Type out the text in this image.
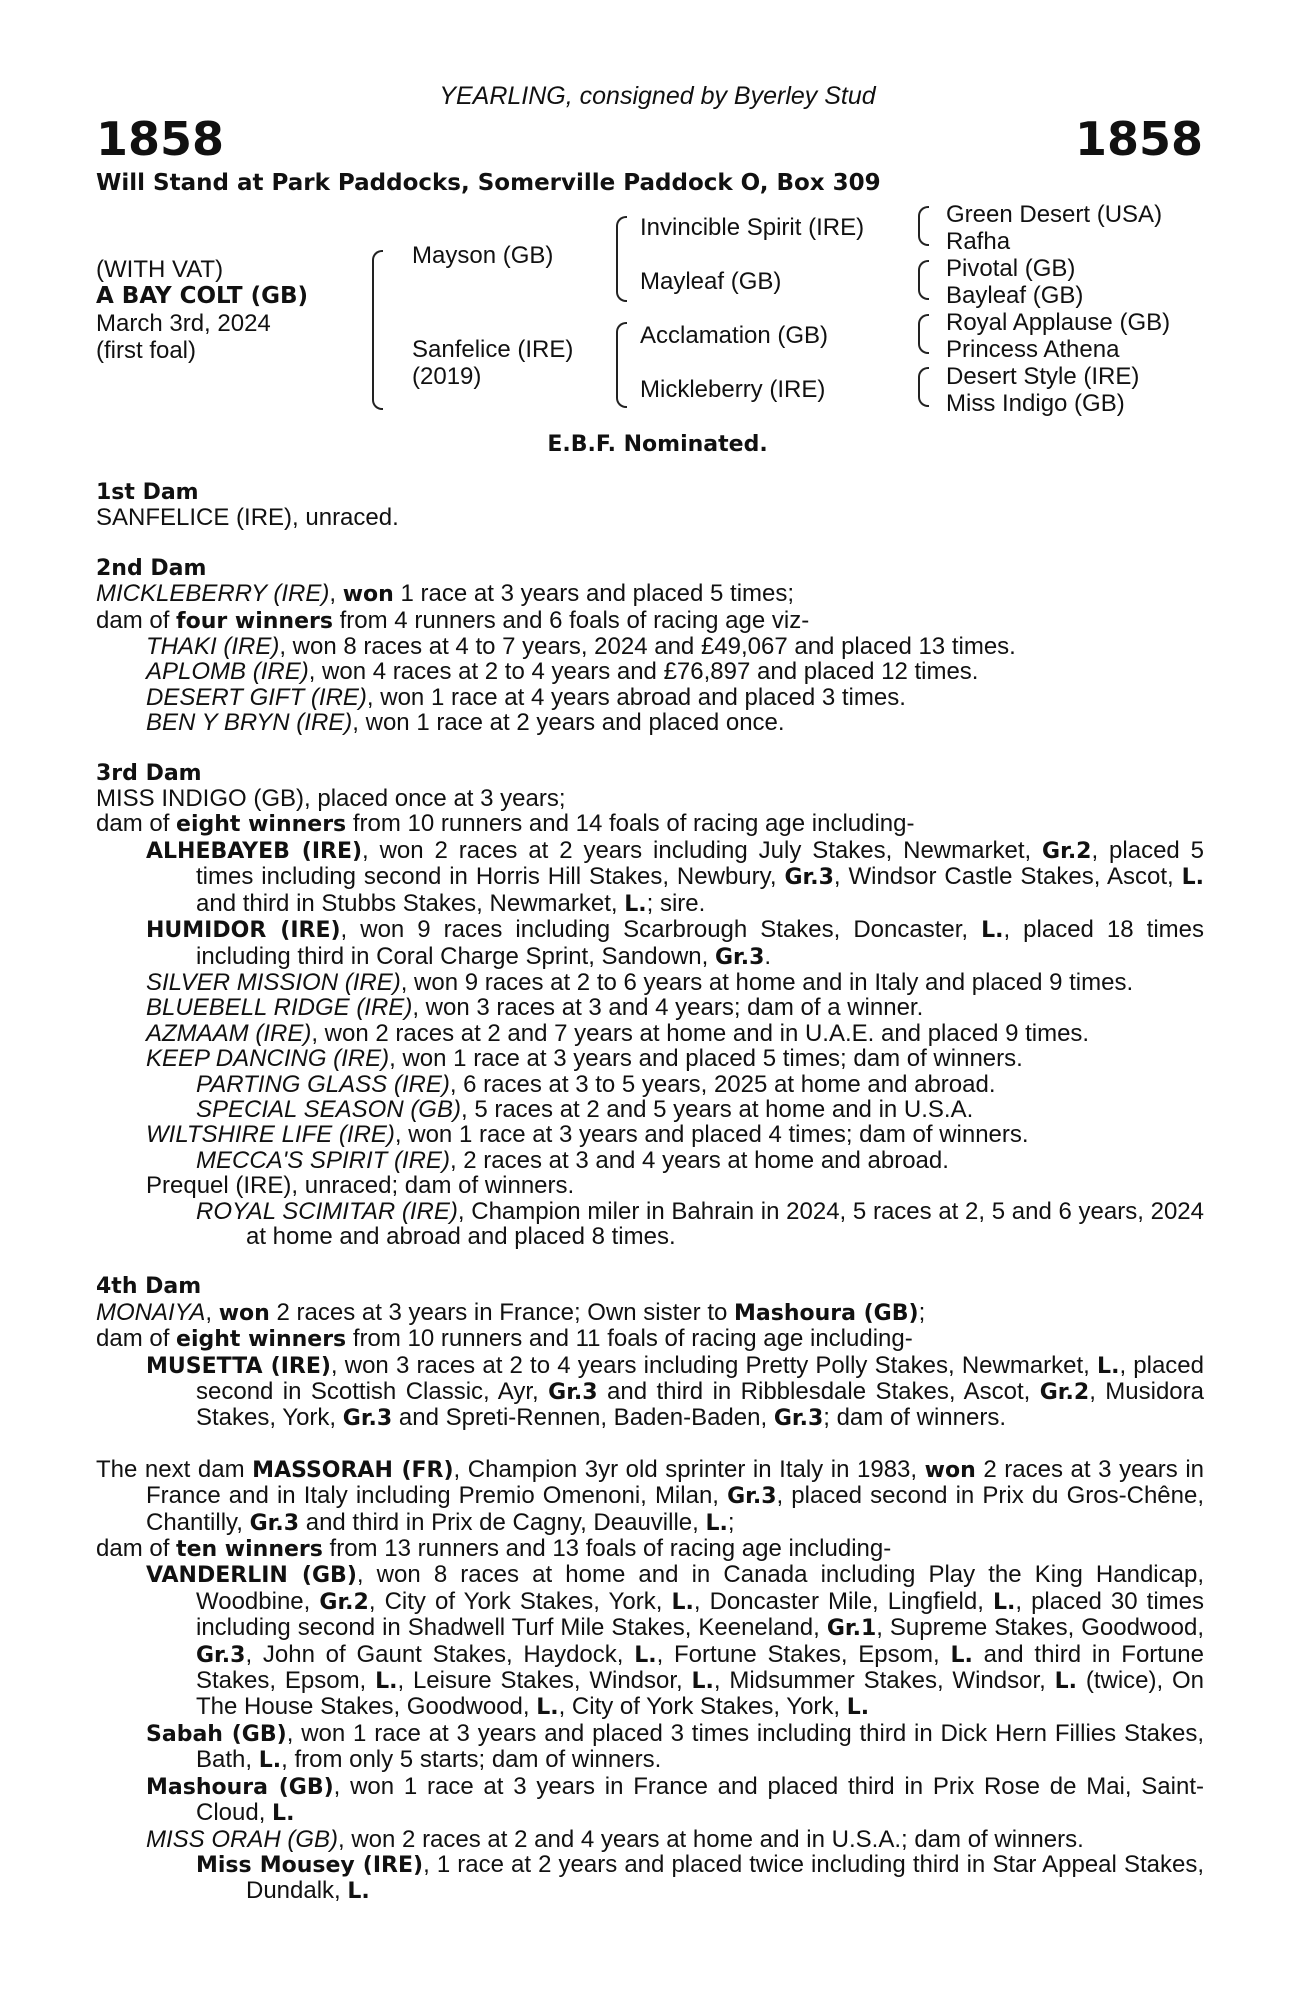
YEARLING, consigned by Byerley Stud
1858	1858
Will Stand at Park Paddocks, Somerville Paddock O, Box 309
(WITH VAT)
A BAY COLT (GB)
March 3rd, 2024
(first foal)
Mayson (GB)
Sanfelice (IRE)
(2019)
Invincible Spirit (IRE)
Mayleaf (GB)
Acclamation (GB)
Mickleberry (IRE)
Green Desert (USA)
Rafha
Pivotal (GB)
Bayleaf (GB)
Royal Applause (GB)
Princess Athena
Desert Style (IRE)
Miss Indigo (GB)
E.B.F. Nominated.
1st Dam
SANFELICE (IRE), unraced.
2nd Dam
MICKLEBERRY (IRE), won 1 race at 3 years and placed 5 times;
dam of four winners from 4 runners and 6 foals of racing age viz-
THAKI (IRE), won 8 races at 4 to 7 years, 2024 and £49,067 and placed 13 times.
APLOMB (IRE), won 4 races at 2 to 4 years and £76,897 and placed 12 times.
DESERT GIFT (IRE), won 1 race at 4 years abroad and placed 3 times.
BEN Y BRYN (IRE), won 1 race at 2 years and placed once.
3rd Dam
MISS INDIGO (GB), placed once at 3 years;
dam of eight winners from 10 runners and 14 foals of racing age including-
ALHEBAYEB (IRE), won 2 races at 2 years including July Stakes, Newmarket, Gr.2, placed 5 times including second in Horris Hill Stakes, Newbury, Gr.3, Windsor Castle Stakes, Ascot, L. and third in Stubbs Stakes, Newmarket, L.; sire.
HUMIDOR (IRE), won 9 races including Scarbrough Stakes, Doncaster, L., placed 18 times including third in Coral Charge Sprint, Sandown, Gr.3.
SILVER MISSION (IRE), won 9 races at 2 to 6 years at home and in Italy and placed 9 times.
BLUEBELL RIDGE (IRE), won 3 races at 3 and 4 years; dam of a winner.
AZMAAM (IRE), won 2 races at 2 and 7 years at home and in U.A.E. and placed 9 times.
KEEP DANCING (IRE), won 1 race at 3 years and placed 5 times; dam of winners.
PARTING GLASS (IRE), 6 races at 3 to 5 years, 2025 at home and abroad.
SPECIAL SEASON (GB), 5 races at 2 and 5 years at home and in U.S.A.
WILTSHIRE LIFE (IRE), won 1 race at 3 years and placed 4 times; dam of winners.
MECCA'S SPIRIT (IRE), 2 races at 3 and 4 years at home and abroad.
Prequel (IRE), unraced; dam of winners.
ROYAL SCIMITAR (IRE), Champion miler in Bahrain in 2024, 5 races at 2, 5 and 6 years, 2024 at home and abroad and placed 8 times.
4th Dam
MONAIYA, won 2 races at 3 years in France; Own sister to Mashoura (GB);
dam of eight winners from 10 runners and 11 foals of racing age including-
MUSETTA (IRE), won 3 races at 2 to 4 years including Pretty Polly Stakes, Newmarket, L., placed second in Scottish Classic, Ayr, Gr.3 and third in Ribblesdale Stakes, Ascot, Gr.2, Musidora Stakes, York, Gr.3 and Spreti-Rennen, Baden-Baden, Gr.3; dam of winners.
The next dam MASSORAH (FR), Champion 3yr old sprinter in Italy in 1983, won 2 races at 3 years in France and in Italy including Premio Omenoni, Milan, Gr.3, placed second in Prix du Gros-Chêne, Chantilly, Gr.3 and third in Prix de Cagny, Deauville, L.;
dam of ten winners from 13 runners and 13 foals of racing age including-
VANDERLIN (GB), won 8 races at home and in Canada including Play the King Handicap, Woodbine, Gr.2, City of York Stakes, York, L., Doncaster Mile, Lingfield, L., placed 30 times including second in Shadwell Turf Mile Stakes, Keeneland, Gr.1, Supreme Stakes, Goodwood, Gr.3, John of Gaunt Stakes, Haydock, L., Fortune Stakes, Epsom, L. and third in Fortune Stakes, Epsom, L., Leisure Stakes, Windsor, L., Midsummer Stakes, Windsor, L. (twice), On The House Stakes, Goodwood, L., City of York Stakes, York, L.
Sabah (GB), won 1 race at 3 years and placed 3 times including third in Dick Hern Fillies Stakes, Bath, L., from only 5 starts; dam of winners.
Mashoura (GB), won 1 race at 3 years in France and placed third in Prix Rose de Mai, Saint-Cloud, L.
MISS ORAH (GB), won 2 races at 2 and 4 years at home and in U.S.A.; dam of winners.
Miss Mousey (IRE), 1 race at 2 years and placed twice including third in Star Appeal Stakes, Dundalk, L.
